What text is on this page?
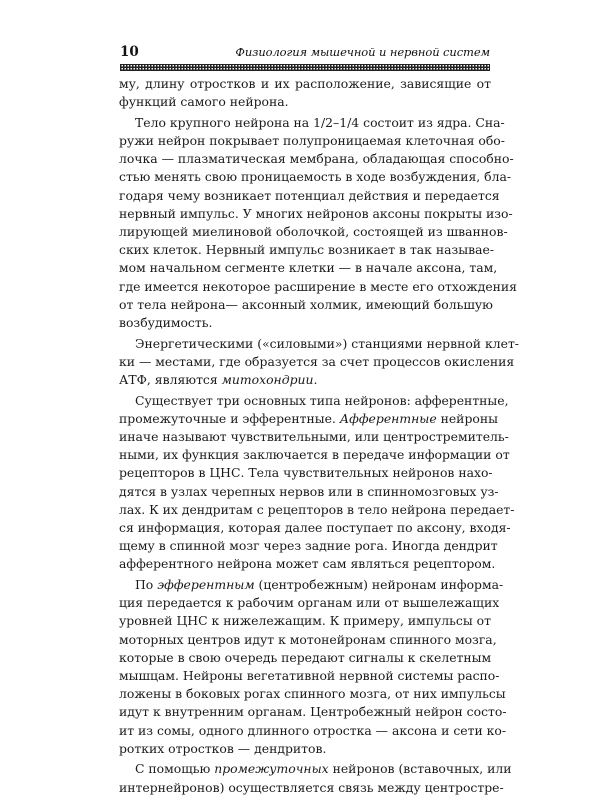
10	Физиология мышечной и нервной систем
му, длину отростков и их расположение, зависящие от
функций самого нейрона.
Тело крупного нейрона на 1/2–1/4 состоит из ядра. Сна-
ружи нейрон покрывает полупроницаемая клеточная обо-
лочка — плазматическая мембрана, обладающая способно-
стью менять свою проницаемость в ходе возбуждения, бла-
годаря чему возникает потенциал действия и передается
нервный импульс. У многих нейронов аксоны покрыты изо-
лирующей миелиновой оболочкой, состоящей из шваннов-
ских клеток. Нервный импульс возникает в так называе-
мом начальном сегменте клетки — в начале аксона, там,
где имеется некоторое расширение в месте его отхождения
от тела нейрона— аксонный холмик, имеющий большую
возбудимость.
Энергетическими («силовыми») станциями нервной клет-
ки — местами, где образуется за счет процессов окисления
АТФ, являются митохондрии.
Существует три основных типа нейронов: афферентные,
промежуточные и эфферентные. Афферентные нейроны
иначе называют чувствительными, или центростремитель-
ными, их функция заключается в передаче информации от
рецепторов в ЦНС. Тела чувствительных нейронов нахо-
дятся в узлах черепных нервов или в спинномозговых уз-
лах. К их дендритам с рецепторов в тело нейрона передает-
ся информация, которая далее поступает по аксону, входя-
щему в спинной мозг через задние рога. Иногда дендрит
афферентного нейрона может сам являться рецептором.
По эфферентным (центробежным) нейронам информа-
ция передается к рабочим органам или от вышележащих
уровней ЦНС к нижележащим. К примеру, импульсы от
моторных центров идут к мотонейронам спинного мозга,
которые в свою очередь передают сигналы к скелетным
мышцам. Нейроны вегетативной нервной системы распо-
ложены в боковых рогах спинного мозга, от них импульсы
идут к внутренним органам. Центробежный нейрон состо-
ит из сомы, одного длинного отростка — аксона и сети ко-
ротких отростков — дендритов.
С помощью промежуточных нейронов (вставочных, или
интернейронов) осуществляется связь между центростре-
